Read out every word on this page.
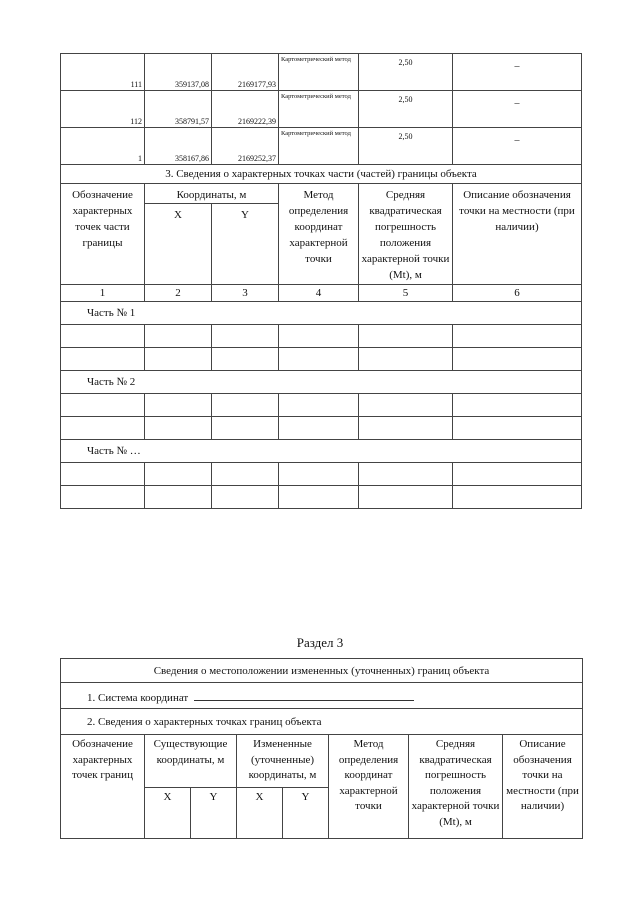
111	359137,08	2169177,93	Картометрический метод	2,50	–
112	358791,57	2169222,39	Картометрический метод	2,50	–
1	358167,86	2169252,37	Картометрический метод	2,50	–
3. Сведения о характерных точках части (частей) границы объекта					
Обозначение характерных точек части границы	Координаты, м		Метод определения координат характерной точки	Средняя квадратическая погрешность положения характерной точки (Mt), м	Описание обозначения точки на местности (при наличии)
	X	Y			
1	2	3	4	5	6
Часть № 1					

Часть № 2					

Часть № …					

Раздел 3
Сведения о местоположении измененных (уточненных) границ объекта							
1. Система координат							
2. Сведения о характерных точках границ объекта							
Обозначение характерных точек границ	Существующие координаты, м		Измененные (уточненные) координаты, м		Метод определения координат характерной точки	Средняя квадратическая погрешность положения характерной точки (Mt), м	Описание обозначения точки на местности (при наличии)
	X	Y	X	Y			
